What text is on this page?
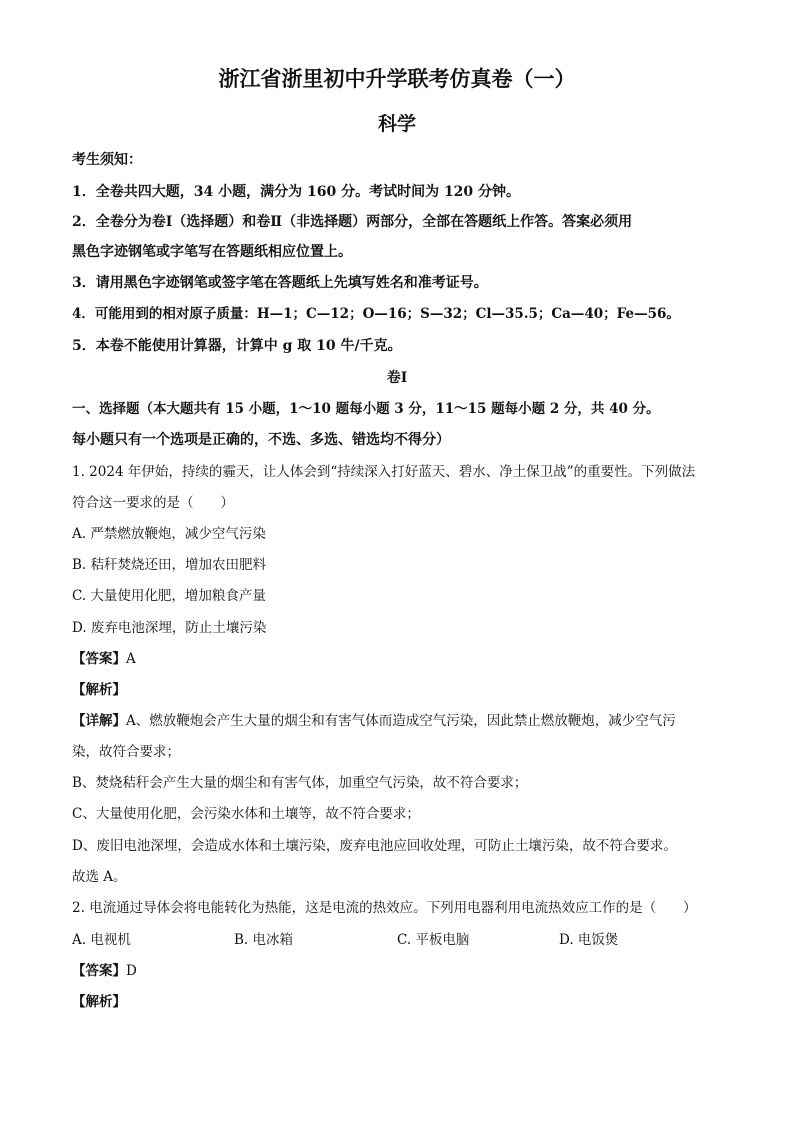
浙江省浙里初中升学联考仿真卷（一）
科学
考生须知：
1．全卷共四大题，34 小题，满分为 160 分。考试时间为 120 分钟。
2．全卷分为卷Ⅰ（选择题）和卷Ⅱ（非选择题）两部分，全部在答题纸上作答。答案必须用
黑色字迹钢笔或字笔写在答题纸相应位置上。
3．请用黑色字迹钢笔或签字笔在答题纸上先填写姓名和准考证号。
4．可能用到的相对原子质量：H—1；C—12；O—16；S—32；Cl—35.5；Ca—40；Fe—56。
5．本卷不能使用计算器，计算中 g 取 10 牛/千克。
卷Ⅰ
一、选择题（本大题共有 15 小题，1～10 题每小题 3 分，11～15 题每小题 2 分，共 40 分。
每小题只有一个选项是正确的，不选、多选、错选均不得分）
1. 2024 年伊始，持续的霾天，让人体会到“持续深入打好蓝天、碧水、净土保卫战”的重要性。下列做法
符合这一要求的是（　　）
A. 严禁燃放鞭炮，减少空气污染
B. 秸秆焚烧还田，增加农田肥料
C. 大量使用化肥，增加粮食产量
D. 废弃电池深埋，防止土壤污染
【答案】A
【解析】
【详解】A、燃放鞭炮会产生大量的烟尘和有害气体而造成空气污染，因此禁止燃放鞭炮，减少空气污
染，故符合要求；
B、焚烧秸秆会产生大量的烟尘和有害气体，加重空气污染，故不符合要求；
C、大量使用化肥，会污染水体和土壤等，故不符合要求；
D、废旧电池深埋，会造成水体和土壤污染，废弃电池应回收处理，可防止土壤污染，故不符合要求。
故选 A。
2. 电流通过导体会将电能转化为热能，这是电流的热效应。下列用电器利用电流热效应工作的是（　　）
A. 电视机	B. 电冰箱	C. 平板电脑	D. 电饭煲
【答案】D
【解析】
